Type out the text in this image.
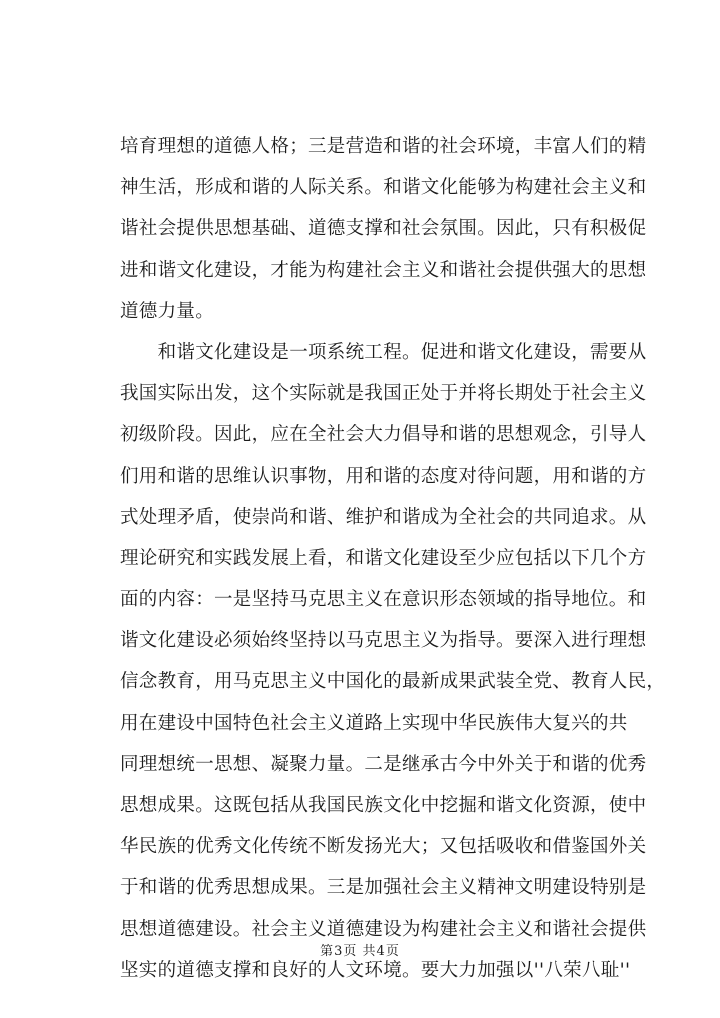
培育理想的道德人格；三是营造和谐的社会环境，丰富人们的精
神生活，形成和谐的人际关系。和谐文化能够为构建社会主义和
谐社会提供思想基础、道德支撑和社会氛围。因此，只有积极促
进和谐文化建设，才能为构建社会主义和谐社会提供强大的思想
道德力量。
　　和谐文化建设是一项系统工程。促进和谐文化建设，需要从
我国实际出发，这个实际就是我国正处于并将长期处于社会主义
初级阶段。因此，应在全社会大力倡导和谐的思想观念，引导人
们用和谐的思维认识事物，用和谐的态度对待问题，用和谐的方
式处理矛盾，使崇尚和谐、维护和谐成为全社会的共同追求。从
理论研究和实践发展上看，和谐文化建设至少应包括以下几个方
面的内容：一是坚持马克思主义在意识形态领域的指导地位。和
谐文化建设必须始终坚持以马克思主义为指导。要深入进行理想
信念教育，用马克思主义中国化的最新成果武装全党、教育人民，
用在建设中国特色社会主义道路上实现中华民族伟大复兴的共
同理想统一思想、凝聚力量。二是继承古今中外关于和谐的优秀
思想成果。这既包括从我国民族文化中挖掘和谐文化资源，使中
华民族的优秀文化传统不断发扬光大；又包括吸收和借鉴国外关
于和谐的优秀思想成果。三是加强社会主义精神文明建设特别是
思想道德建设。社会主义道德建设为构建社会主义和谐社会提供
坚实的道德支撑和良好的人文环境。要大力加强以''八荣八耻''
第3页 共4页
